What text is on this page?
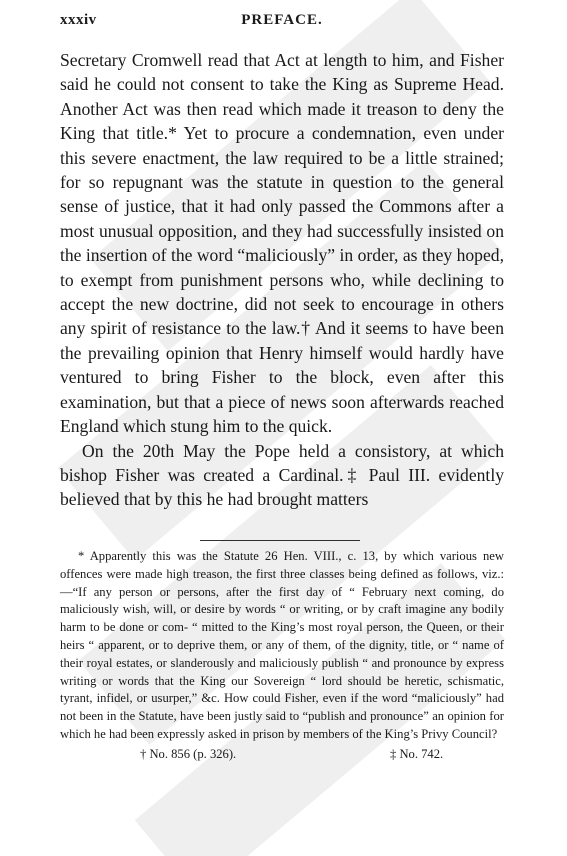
xxxiv	PREFACE.

Secretary Cromwell read that Act at length to him, and Fisher said he could not consent to take the King as Supreme Head. Another Act was then read which made it treason to deny the King that title.* Yet to procure a condemnation, even under this severe enactment, the law required to be a little strained; for so repugnant was the statute in question to the general sense of justice, that it had only passed the Commons after a most unusual opposition, and they had successfully insisted on the insertion of the word “maliciously” in order, as they hoped, to exempt from punishment persons who, while declining to accept the new doctrine, did not seek to encourage in others any spirit of resistance to the law.† And it seems to have been the prevailing opinion that Henry himself would hardly have ventured to bring Fisher to the block, even after this examination, but that a piece of news soon afterwards reached England which stung him to the quick.

On the 20th May the Pope held a consistory, at which bishop Fisher was created a Cardinal.‡ Paul III. evidently believed that by this he had brought matters

* Apparently this was the Statute 26 Hen. VIII., c. 13, by which various new offences were made high treason, the first three classes being defined as follows, viz.:—“If any person or persons, after the first day of “ February next coming, do maliciously wish, will, or desire by words “ or writing, or by craft imagine any bodily harm to be done or com- “ mitted to the King’s most royal person, the Queen, or their heirs “ apparent, or to deprive them, or any of them, of the dignity, title, or “ name of their royal estates, or slanderously and maliciously publish “ and pronounce by express writing or words that the King our Sovereign “ lord should be heretic, schismatic, tyrant, infidel, or usurper,” &c. How could Fisher, even if the word “maliciously” had not been in the Statute, have been justly said to “publish and pronounce” an opinion for which he had been expressly asked in prison by members of the King’s Privy Council?

† No. 856 (p. 326).	‡ No. 742.
